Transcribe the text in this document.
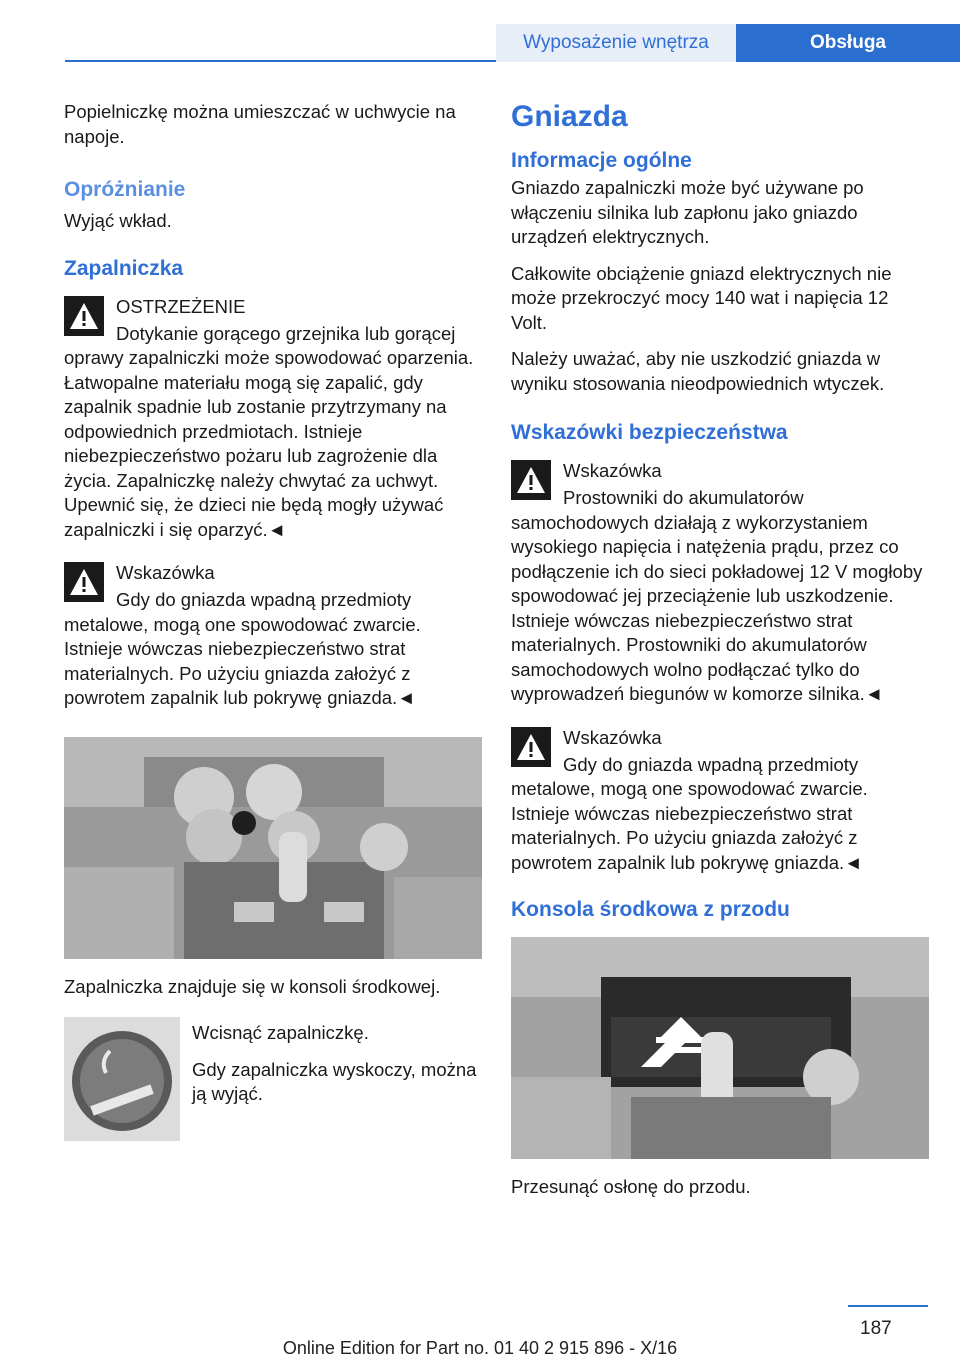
Wyposażenie wnętrza	Obsługa

Popielniczkę można umieszczać w uchwycie na napoje.

Opróżnianie

Wyjąć wkład.

Zapalniczka
OSTRZEŻENIE

Dotykanie gorącego grzejnika lub gorącej oprawy zapalniczki może spowodować oparzenia. Łatwopalne materiału mogą się zapalić, gdy zapalnik spadnie lub zostanie przytrzymany na odpowiednich przedmiotach. Istnieje niebezpieczeństwo pożaru lub zagrożenie dla życia. Zapalniczkę należy chwytać za uchwyt. Upewnić się, że dzieci nie będą mogły używać zapalniczki i się oparzyć.◄

Wskazówka

Gdy do gniazda wpadną przedmioty metalowe, mogą one spowodować zwarcie. Istnieje wówczas niebezpieczeństwo strat materialnych. Po użyciu gniazda założyć z powrotem zapalnik lub pokrywę gniazda.◄

Zapalniczka znajduje się w konsoli środkowej.

Wcisnąć zapalniczkę.

Gdy zapalniczka wyskoczy, można ją wyjąć.

Gniazda
Informacje ogólne

Gniazdo zapalniczki może być używane po włączeniu silnika lub zapłonu jako gniazdo urządzeń elektrycznych.

Całkowite obciążenie gniazd elektrycznych nie może przekroczyć mocy 140 wat i napięcia 12 Volt.

Należy uważać, aby nie uszkodzić gniazda w wyniku stosowania nieodpowiednich wtyczek.

Wskazówki bezpieczeństwa
Wskazówka

Prostowniki do akumulatorów samochodowych działają z wykorzystaniem wysokiego napięcia i natężenia prądu, przez co podłączenie ich do sieci pokładowej 12 V mogłoby spowodować jej przeciążenie lub uszkodzenie. Istnieje wówczas niebezpieczeństwo strat materialnych. Prostowniki do akumulatorów samochodowych wolno podłączać tylko do wyprowadzeń biegunów w komorze silnika.◄

Wskazówka

Gdy do gniazda wpadną przedmioty metalowe, mogą one spowodować zwarcie. Istnieje wówczas niebezpieczeństwo strat materialnych. Po użyciu gniazda założyć z powrotem zapalnik lub pokrywę gniazda.◄

Konsola środkowa z przodu

Przesunąć osłonę do przodu.

187
Online Edition for Part no. 01 40 2 915 896 - X/16
